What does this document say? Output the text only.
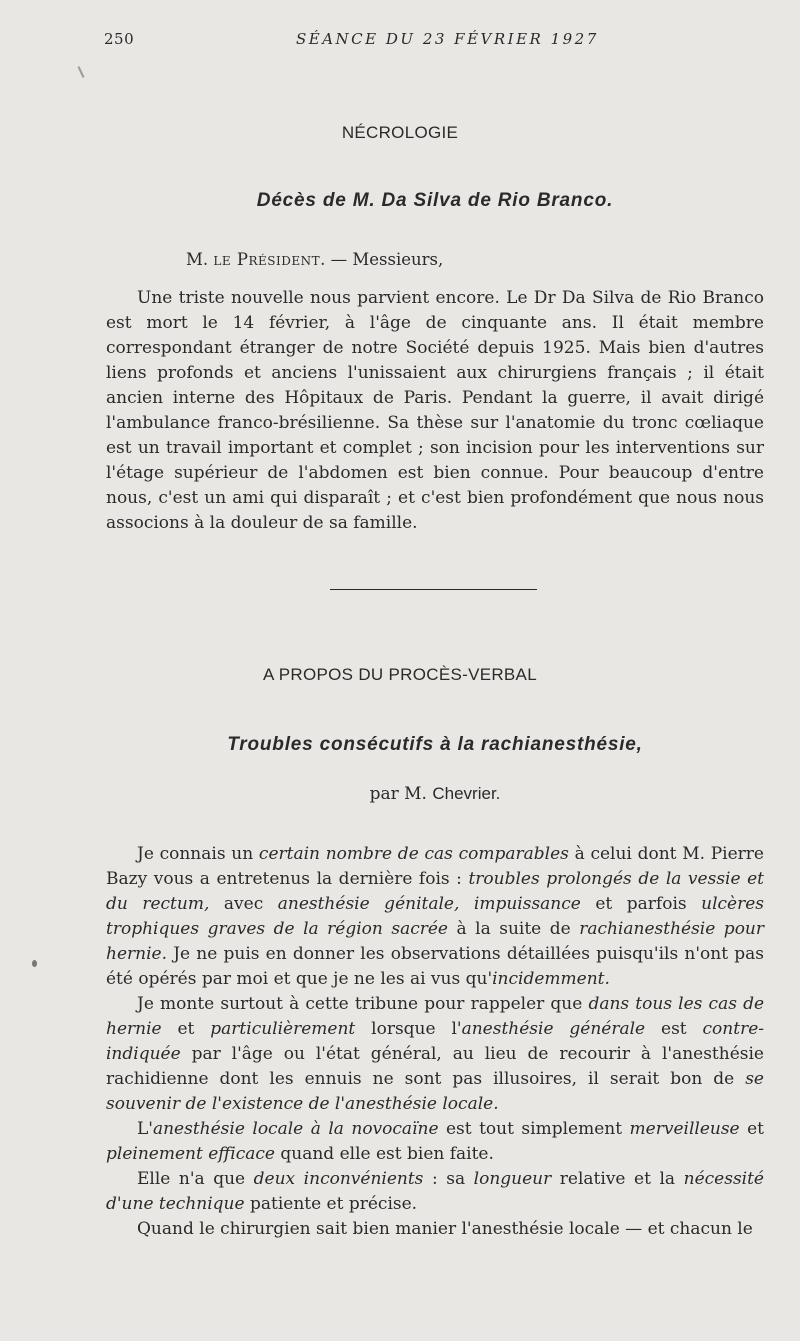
250	SÉANCE DU 23 FÉVRIER 1927
NÉCROLOGIE
Décès de M. Da Silva de Rio Branco.
M. le Président. — Messieurs,

Une triste nouvelle nous parvient encore. Le Dr Da Silva de Rio Branco est mort le 14 février, à l'âge de cinquante ans. Il était membre correspondant étranger de notre Société depuis 1925. Mais bien d'autres liens profonds et anciens l'unissaient aux chirurgiens français ; il était ancien interne des Hôpitaux de Paris. Pendant la guerre, il avait dirigé l'ambulance franco-brésilienne. Sa thèse sur l'anatomie du tronc cœliaque est un travail important et complet ; son incision pour les interventions sur l'étage supérieur de l'abdomen est bien connue. Pour beaucoup d'entre nous, c'est un ami qui disparaît ; et c'est bien profondément que nous nous associons à la douleur de sa famille.

A PROPOS DU PROCÈS-VERBAL
Troubles consécutifs à la rachianesthésie,
par M. Chevrier.

Je connais un certain nombre de cas comparables à celui dont M. Pierre Bazy vous a entretenus la dernière fois : troubles prolongés de la vessie et du rectum, avec anesthésie génitale, impuissance et parfois ulcères trophiques graves de la région sacrée à la suite de rachianesthésie pour hernie. Je ne puis en donner les observations détaillées puisqu'ils n'ont pas été opérés par moi et que je ne les ai vus qu'incidemment.

Je monte surtout à cette tribune pour rappeler que dans tous les cas de hernie et particulièrement lorsque l'anesthésie générale est contre-indiquée par l'âge ou l'état général, au lieu de recourir à l'anesthésie rachidienne dont les ennuis ne sont pas illusoires, il serait bon de se souvenir de l'existence de l'anesthésie locale.

L'anesthésie locale à la novocaïne est tout simplement merveilleuse et pleinement efficace quand elle est bien faite.

Elle n'a que deux inconvénients : sa longueur relative et la nécessité d'une technique patiente et précise.

Quand le chirurgien sait bien manier l'anesthésie locale — et chacun le
